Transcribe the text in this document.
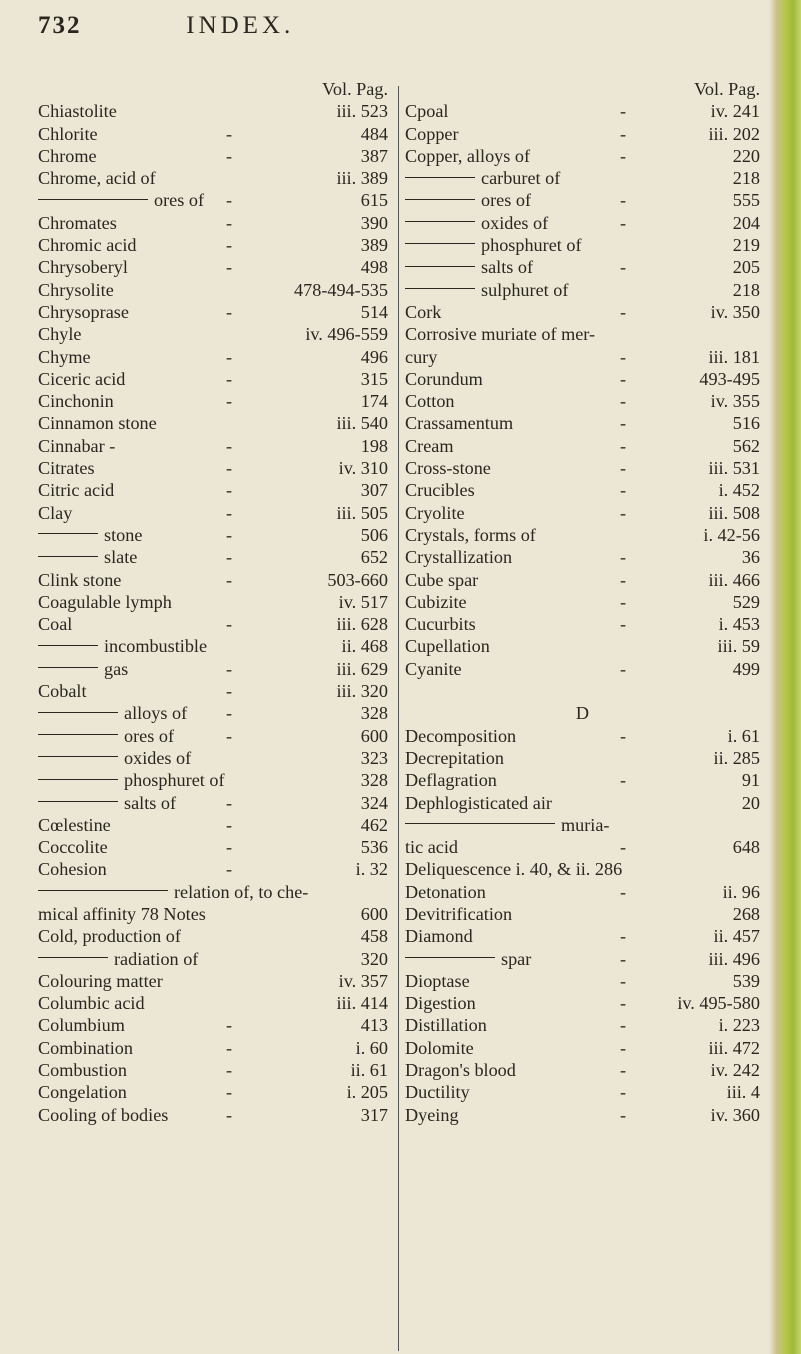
732	INDEX.
Vol. Pag.
Chiastolite	iii. 523
Chlorite	-	484
Chrome	-	387
Chrome, acid of	iii. 389
ores of -	615
Chromates	-	390
Chromic acid	-	389
Chrysoberyl	-	498
Chrysolite	478-494-535
Chrysoprase	-	514
Chyle	iv. 496-559
Chyme	-	496
Ciceric acid	-	315
Cinchonin	-	174
Cinnamon stone	iii. 540
Cinnabar -	-	198
Citrates	-	iv. 310
Citric acid	-	307
Clay	-	iii. 505
stone	-	506
slate	-	652
Clink stone	-	503-660
Coagulable lymph	iv. 517
Coal	-	iii. 628
incombustible	ii. 468
gas	-	iii. 629
Cobalt	-	iii. 320
alloys of -	328
ores of	-	600
oxides of	323
phosphuret of	328
salts of	-	324
Cœlestine	-	462
Coccolite	-	536
Cohesion	-	i. 32
relation of, to che-
mical affinity 78 Notes	600
Cold, production of	458
radiation of	320
Colouring matter	iv. 357
Columbic acid	iii. 414
Columbium	-	413
Combination	-	i. 60
Combustion	-	ii. 61
Congelation	-	i. 205
Cooling of bodies	-	317
Vol. Pag.
Cpoal	-	iv. 241
Copper	-	iii. 202
Copper, alloys of	-	220
carburet of	218
ores of	-	555
oxides of	-	204
phosphuret of	219
salts of	-	205
sulphuret of	218
Cork	-	iv. 350
Corrosive muriate of mer-
cury	-	iii. 181
Corundum	-	493-495
Cotton	-	iv. 355
Crassamentum	-	516
Cream	-	562
Cross-stone	-	iii. 531
Crucibles	-	i. 452
Cryolite	-	iii. 508
Crystals, forms of	i. 42-56
Crystallization	-	36
Cube spar	-	iii. 466
Cubizite	-	529
Cucurbits	-	i. 453
Cupellation	iii. 59
Cyanite	-	499
D
Decomposition	-	i. 61
Decrepitation	ii. 285
Deflagration	-	91
Dephlogisticated air	20
muria-
tic acid	-	648
Deliquescence i. 40, & ii. 286
Detonation	-	ii. 96
Devitrification	268
Diamond	-	ii. 457
spar	-	iii. 496
Dioptase	-	539
Digestion	-	iv. 495-580
Distillation	-	i. 223
Dolomite	-	iii. 472
Dragon's blood	-	iv. 242
Ductility	-	iii. 4
Dyeing	-	iv. 360
